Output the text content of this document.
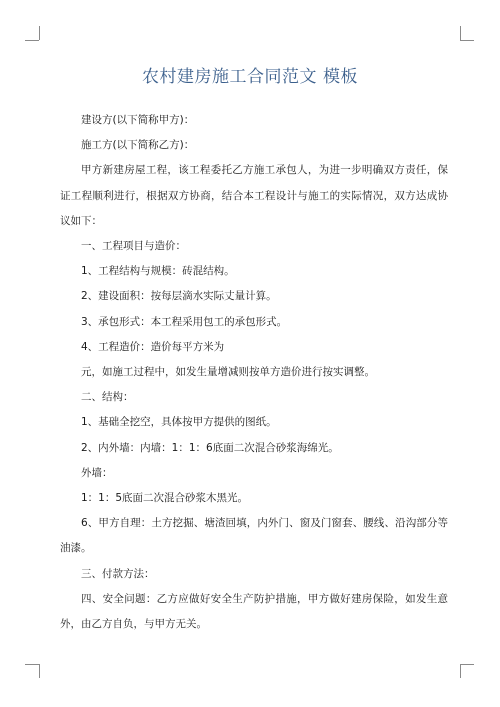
农村建房施工合同范文 模板

建设方(以下简称甲方)：

施工方(以下简称乙方)：

甲方新建房屋工程，该工程委托乙方施工承包人，为进一步明确双方责任，保证工程顺利进行，根据双方协商，结合本工程设计与施工的实际情况，双方达成协议如下：

一、工程项目与造价：

1、工程结构与规模：砖混结构。

2、建设面积：按每层滴水实际丈量计算。

3、承包形式：本工程采用包工的承包形式。

4、工程造价：造价每平方米为

元，如施工过程中，如发生量增减则按单方造价进行按实调整。

二、结构：

1、基础全挖空，具体按甲方提供的图纸。

2、内外墙：内墙：1：1：6底面二次混合砂浆海绵光。

外墙：

1：1：5底面二次混合砂浆木黑光。

6、甲方自理：土方挖掘、塘渣回填，内外门、窗及门窗套、腰线、沿沟部分等油漆。

三、付款方法：

四、安全问题：乙方应做好安全生产防护措施，甲方做好建房保险，如发生意外，由乙方自负，与甲方无关。
